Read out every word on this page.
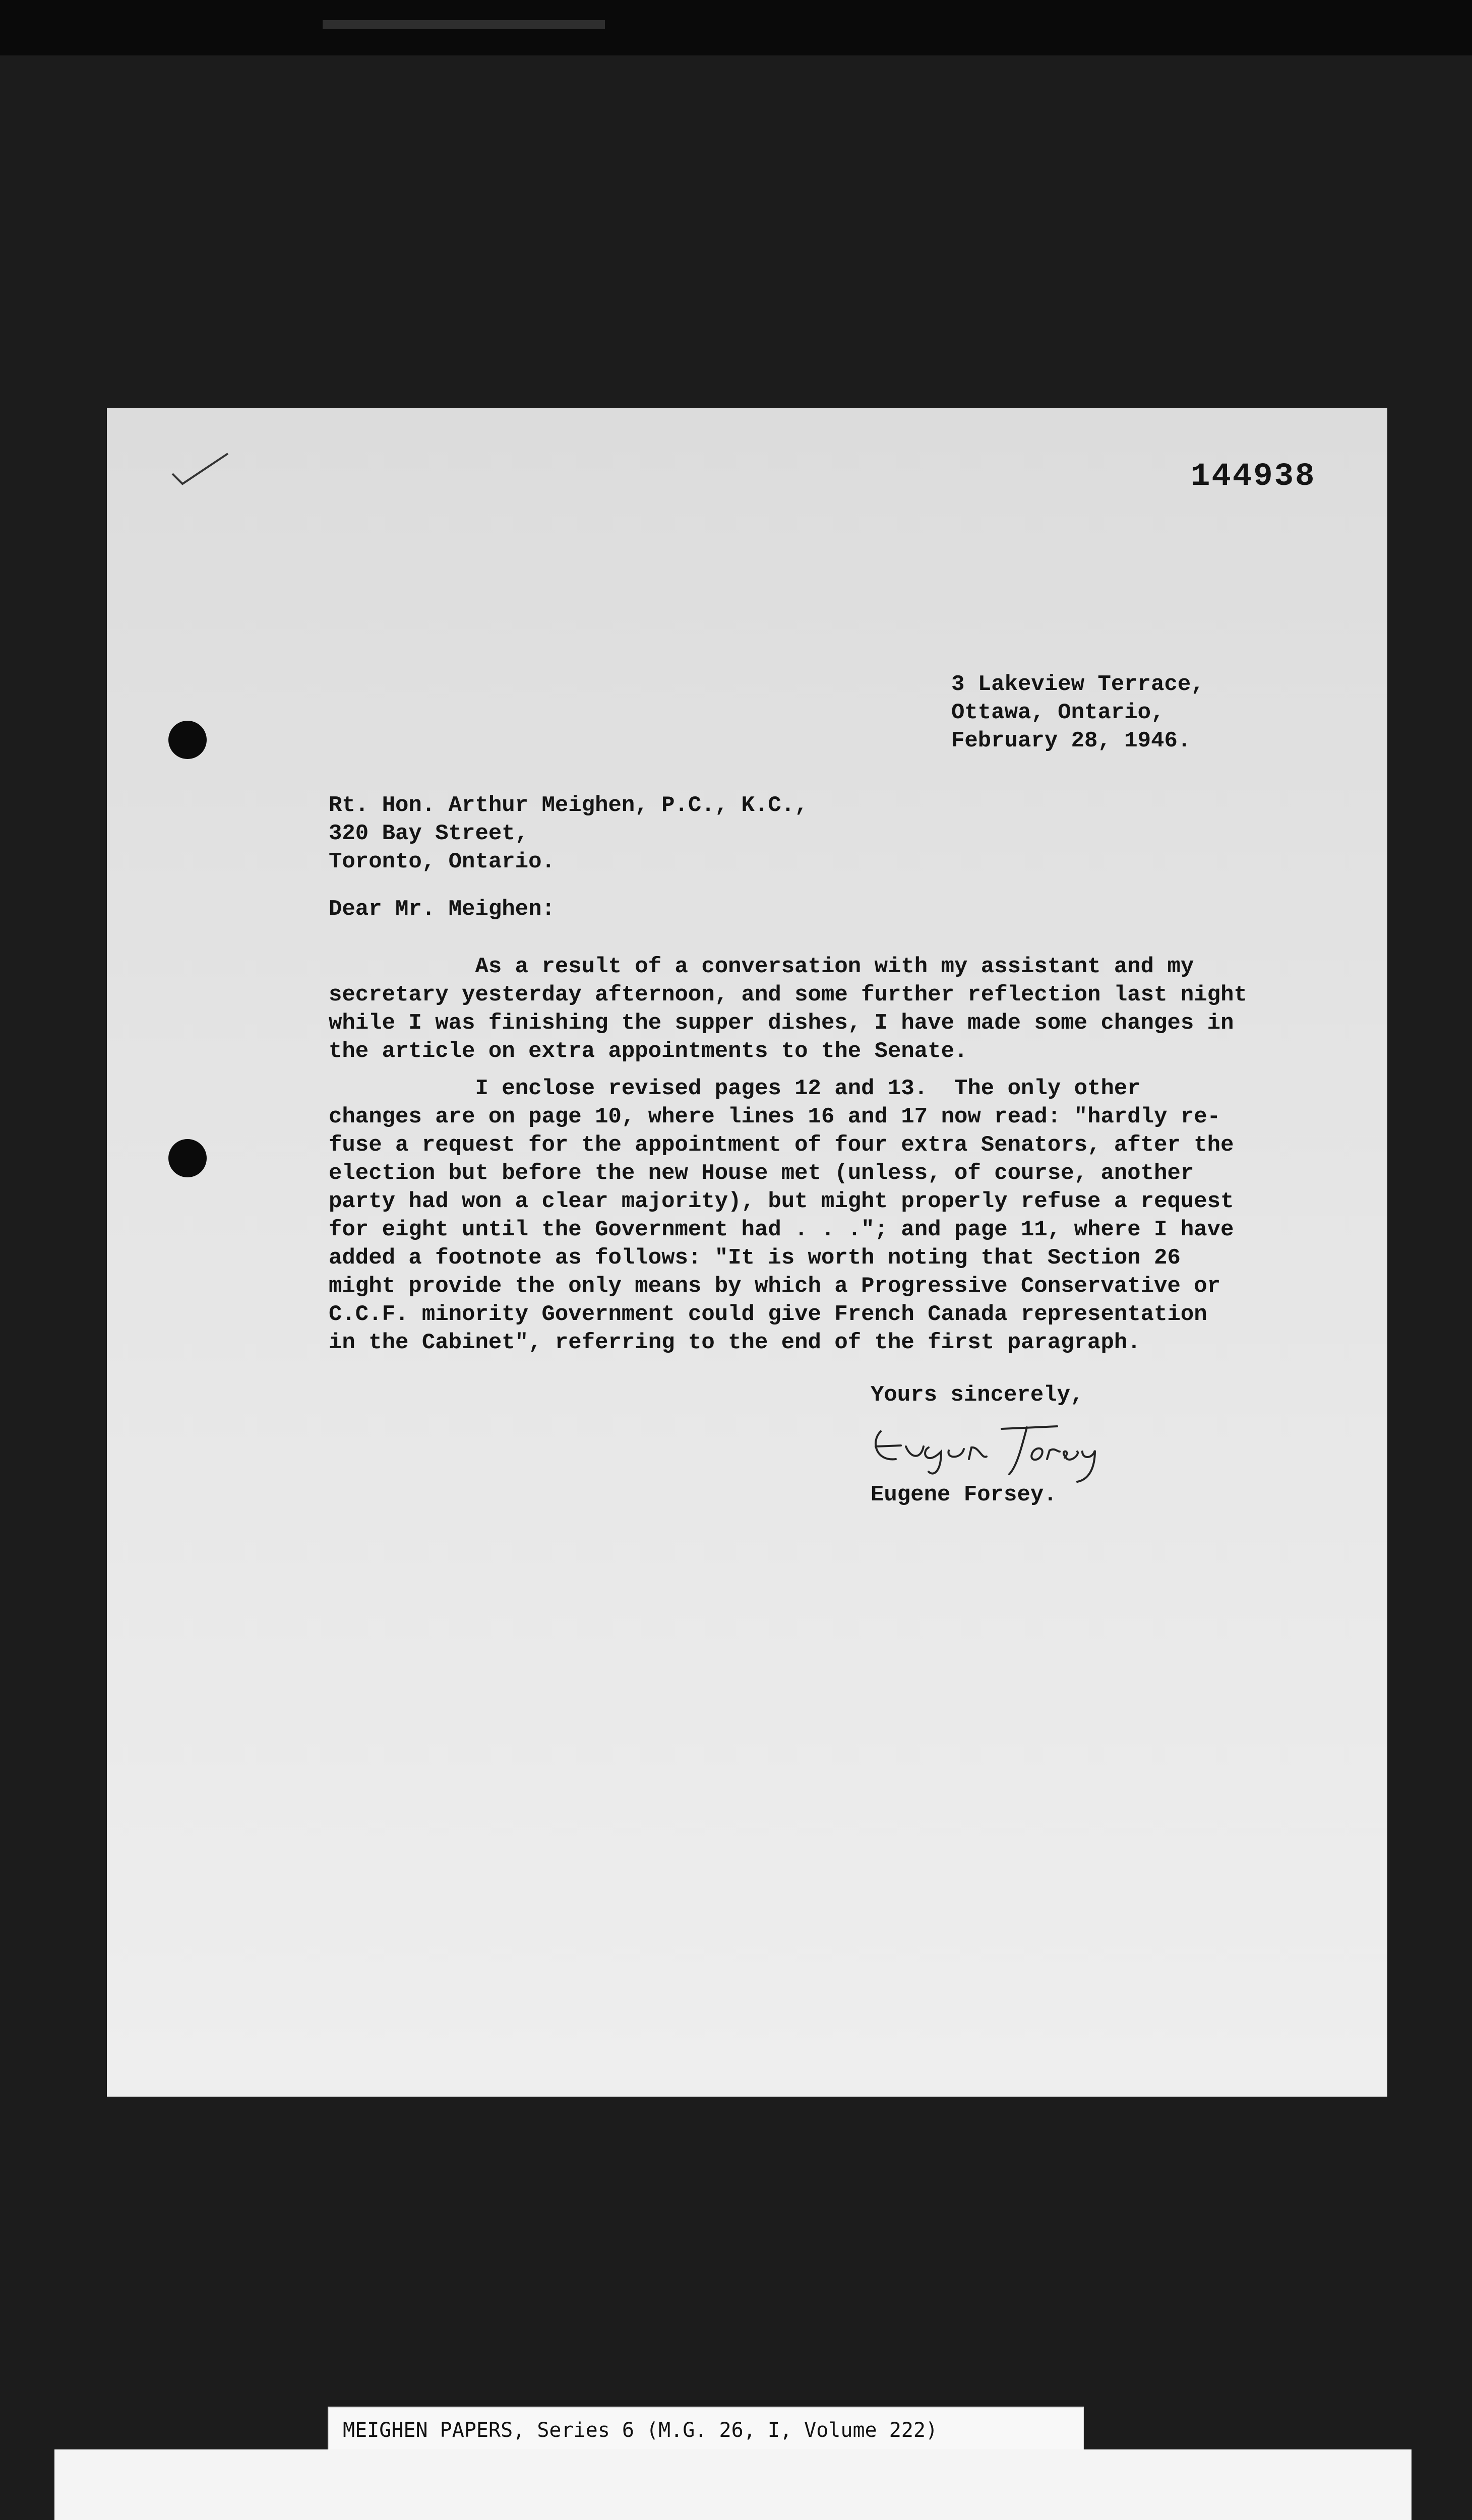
144938
3 Lakeview Terrace,
Ottawa, Ontario,
February 28, 1946.
Rt. Hon. Arthur Meighen, P.C., K.C.,
320 Bay Street,
Toronto, Ontario.
Dear Mr. Meighen:
As a result of a conversation with my assistant and my
secretary yesterday afternoon, and some further reflection last night
while I was finishing the supper dishes, I have made some changes in
the article on extra appointments to the Senate.
I enclose revised pages 12 and 13.  The only other
changes are on page 10, where lines 16 and 17 now read: "hardly re-
fuse a request for the appointment of four extra Senators, after the
election but before the new House met (unless, of course, another
party had won a clear majority), but might properly refuse a request
for eight until the Government had . . ."; and page 11, where I have
added a footnote as follows: "It is worth noting that Section 26
might provide the only means by which a Progressive Conservative or
C.C.F. minority Government could give French Canada representation
in the Cabinet", referring to the end of the first paragraph.
Yours sincerely,
Eugene Forsey.
MEIGHEN PAPERS, Series 6 (M.G. 26, I, Volume 222)
